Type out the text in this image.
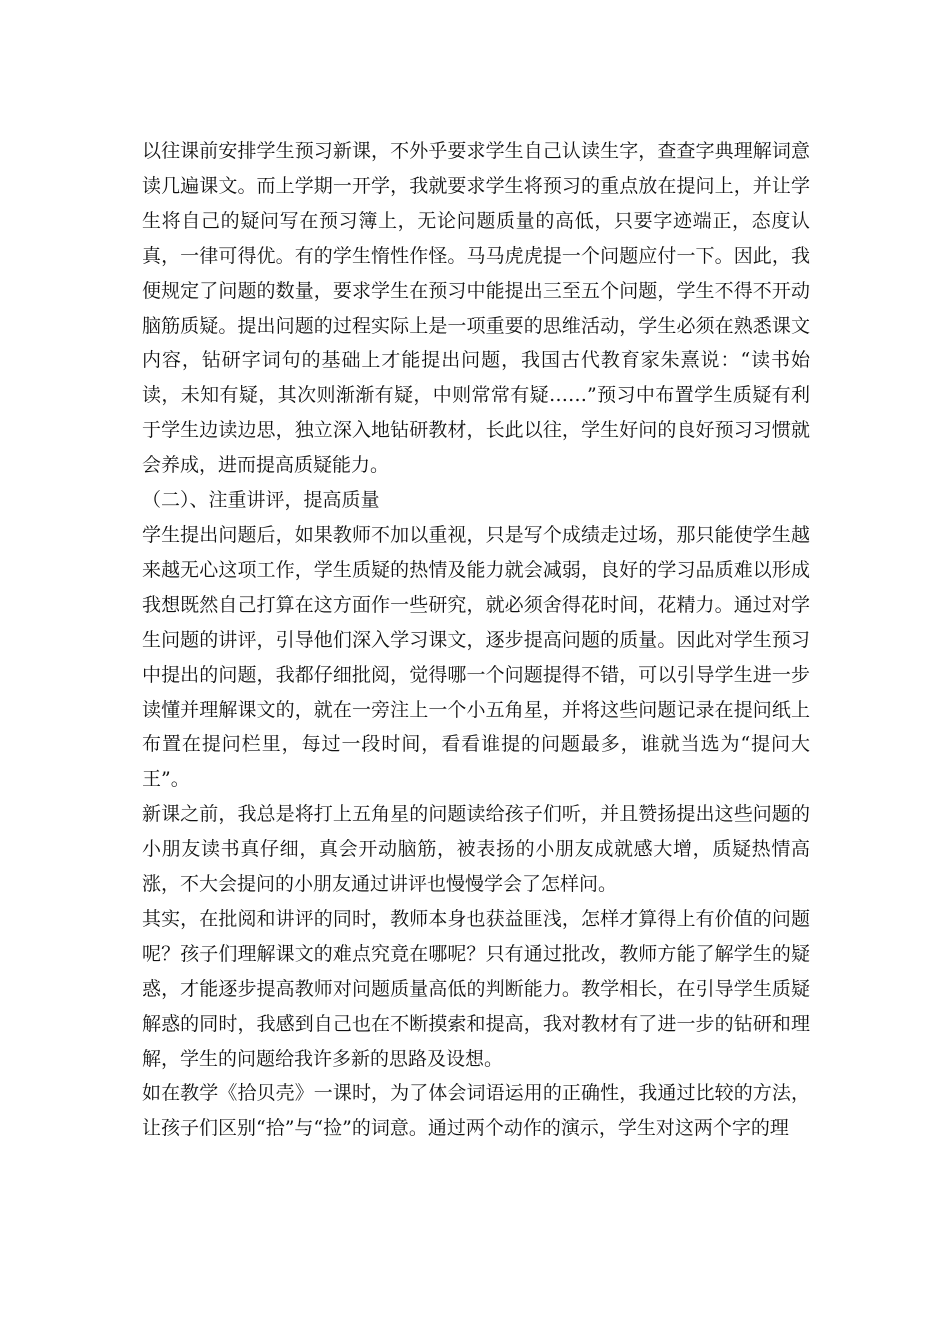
以往课前安排学生预习新课，不外乎要求学生自己认读生字，查查字典理解词意读几遍课文。而上学期一开学，我就要求学生将预习的重点放在提问上，并让学生将自己的疑问写在预习簿上，无论问题质量的高低，只要字迹端正，态度认真，一律可得优。有的学生惰性作怪。马马虎虎提一个问题应付一下。因此，我便规定了问题的数量，要求学生在预习中能提出三至五个问题，学生不得不开动脑筋质疑。提出问题的过程实际上是一项重要的思维活动，学生必须在熟悉课文内容，钻研字词句的基础上才能提出问题，我国古代教育家朱熹说：“读书始读，未知有疑，其次则渐渐有疑，中则常常有疑……”预习中布置学生质疑有利于学生边读边思，独立深入地钻研教材，长此以往，学生好问的良好预习习惯就会养成，进而提高质疑能力。

（二）、注重讲评，提高质量

学生提出问题后，如果教师不加以重视，只是写个成绩走过场，那只能使学生越来越无心这项工作，学生质疑的热情及能力就会减弱，良好的学习品质难以形成我想既然自己打算在这方面作一些研究，就必须舍得花时间，花精力。通过对学生问题的讲评，引导他们深入学习课文，逐步提高问题的质量。因此对学生预习中提出的问题，我都仔细批阅，觉得哪一个问题提得不错，可以引导学生进一步读懂并理解课文的，就在一旁注上一个小五角星，并将这些问题记录在提问纸上布置在提问栏里，每过一段时间，看看谁提的问题最多，谁就当选为“提问大王”。

新课之前，我总是将打上五角星的问题读给孩子们听，并且赞扬提出这些问题的小朋友读书真仔细，真会开动脑筋，被表扬的小朋友成就感大增，质疑热情高涨，不大会提问的小朋友通过讲评也慢慢学会了怎样问。

其实，在批阅和讲评的同时，教师本身也获益匪浅，怎样才算得上有价值的问题呢？孩子们理解课文的难点究竟在哪呢？只有通过批改，教师方能了解学生的疑惑，才能逐步提高教师对问题质量高低的判断能力。教学相长，在引导学生质疑解惑的同时，我感到自己也在不断摸索和提高，我对教材有了进一步的钻研和理解，学生的问题给我许多新的思路及设想。

如在教学《拾贝壳》一课时，为了体会词语运用的正确性，我通过比较的方法，让孩子们区别“拾”与“捡”的词意。通过两个动作的演示，学生对这两个字的理
